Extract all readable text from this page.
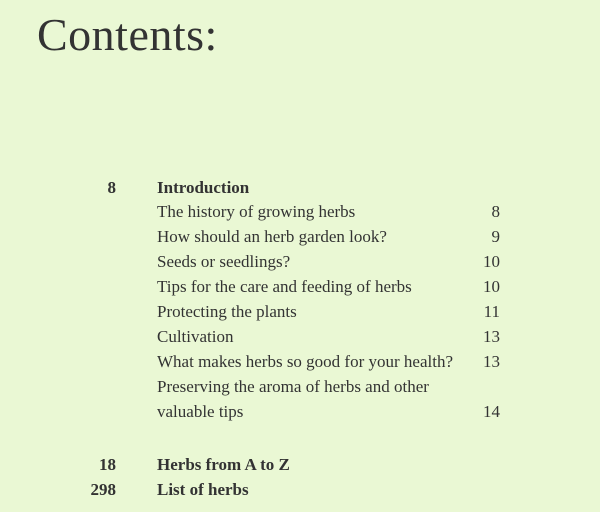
Contents:
8 Introduction
The history of growing herbs	8
How should an herb garden look?	9
Seeds or seedlings?	10
Tips for the care and feeding of herbs	10
Protecting the plants	11
Cultivation	13
What makes herbs so good for your health? 13
Preserving the aroma of herbs and other
valuable tips	14
18 Herbs from A to Z
298 List of herbs
